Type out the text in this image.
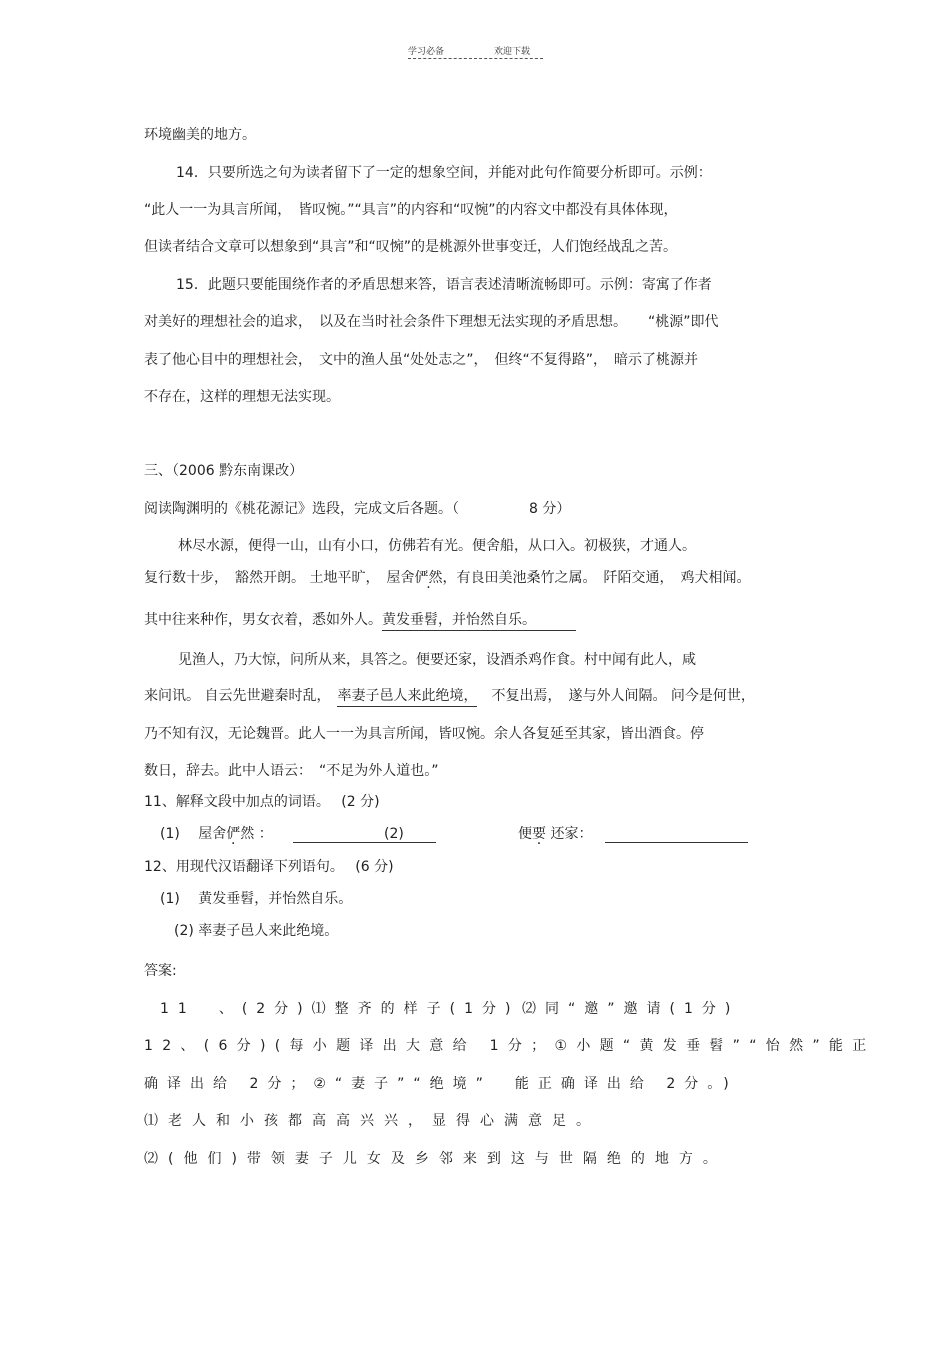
学习必备	欢迎下载
环境幽美的地方。
14．只要所选之句为读者留下了一定的想象空间，并能对此句作简要分析即可。示例：
“此人一一为具言所闻，　皆叹惋。”“具言”的内容和“叹惋”的内容文中都没有具体体现，
但读者结合文章可以想象到“具言”和“叹惋”的是桃源外世事变迁，人们饱经战乱之苦。
15．此题只要能围绕作者的矛盾思想来答，语言表述清晰流畅即可。示例：寄寓了作者
对美好的理想社会的追求，　以及在当时社会条件下理想无法实现的矛盾思想。　　“桃源”即代
表了他心目中的理想社会，　文中的渔人虽“处处志之”，　但终“不复得路”，　暗示了桃源并
不存在，这样的理想无法实现。
三、（2006 黔东南课改）
阅读陶渊明的《桃花源记》选段，完成文后各题。（　　　　　8 分）
林尽水源，便得一山，山有小口，仿佛若有光。便舍船，从口入。初极狭，才通人。
复行数十步，　豁然开朗。 土地平旷，　屋舍俨然，有良田美池桑竹之属。　阡陌交通，　鸡犬相闻。
其中往来种作，男女衣着，悉如外人。黄发垂髫，并怡然自乐。
见渔人，乃大惊，问所从来，具答之。便要还家，设酒杀鸡作食。村中闻有此人，咸
来问讯。 自云先世避秦时乱，　率妻子邑人来此绝境，　不复出焉，　遂与外人间隔。 问今是何世，
乃不知有汉，无论魏晋。此人一一为具言所闻，皆叹惋。余人各复延至其家，皆出酒食。停
数日，辞去。此中人语云：　“不足为外人道也。”
11、解释文段中加点的词语。　 (2 分)
(1)　 屋舍俨然 ：	(2)	便要 还家：
12、用现代汉语翻译下列语句。　 (6 分)
(1)　 黄发垂髫，并怡然自乐。
(2) 率妻子邑人来此绝境。
答案:
11　、(2分)⑴整齐的样子(1分) ⑵同“邀”邀请(1分)
12、(6分)(每小题译出大意给 1分；①小题“黄发垂髫”“怡然”能正
确译出给 2分；②“妻子”“绝境”　能正确译出给 2分。)
⑴老人和小孩都高高兴兴，显得心满意足。
⑵(他们)带领妻子儿女及乡邻来到这与世隔绝的地方。
